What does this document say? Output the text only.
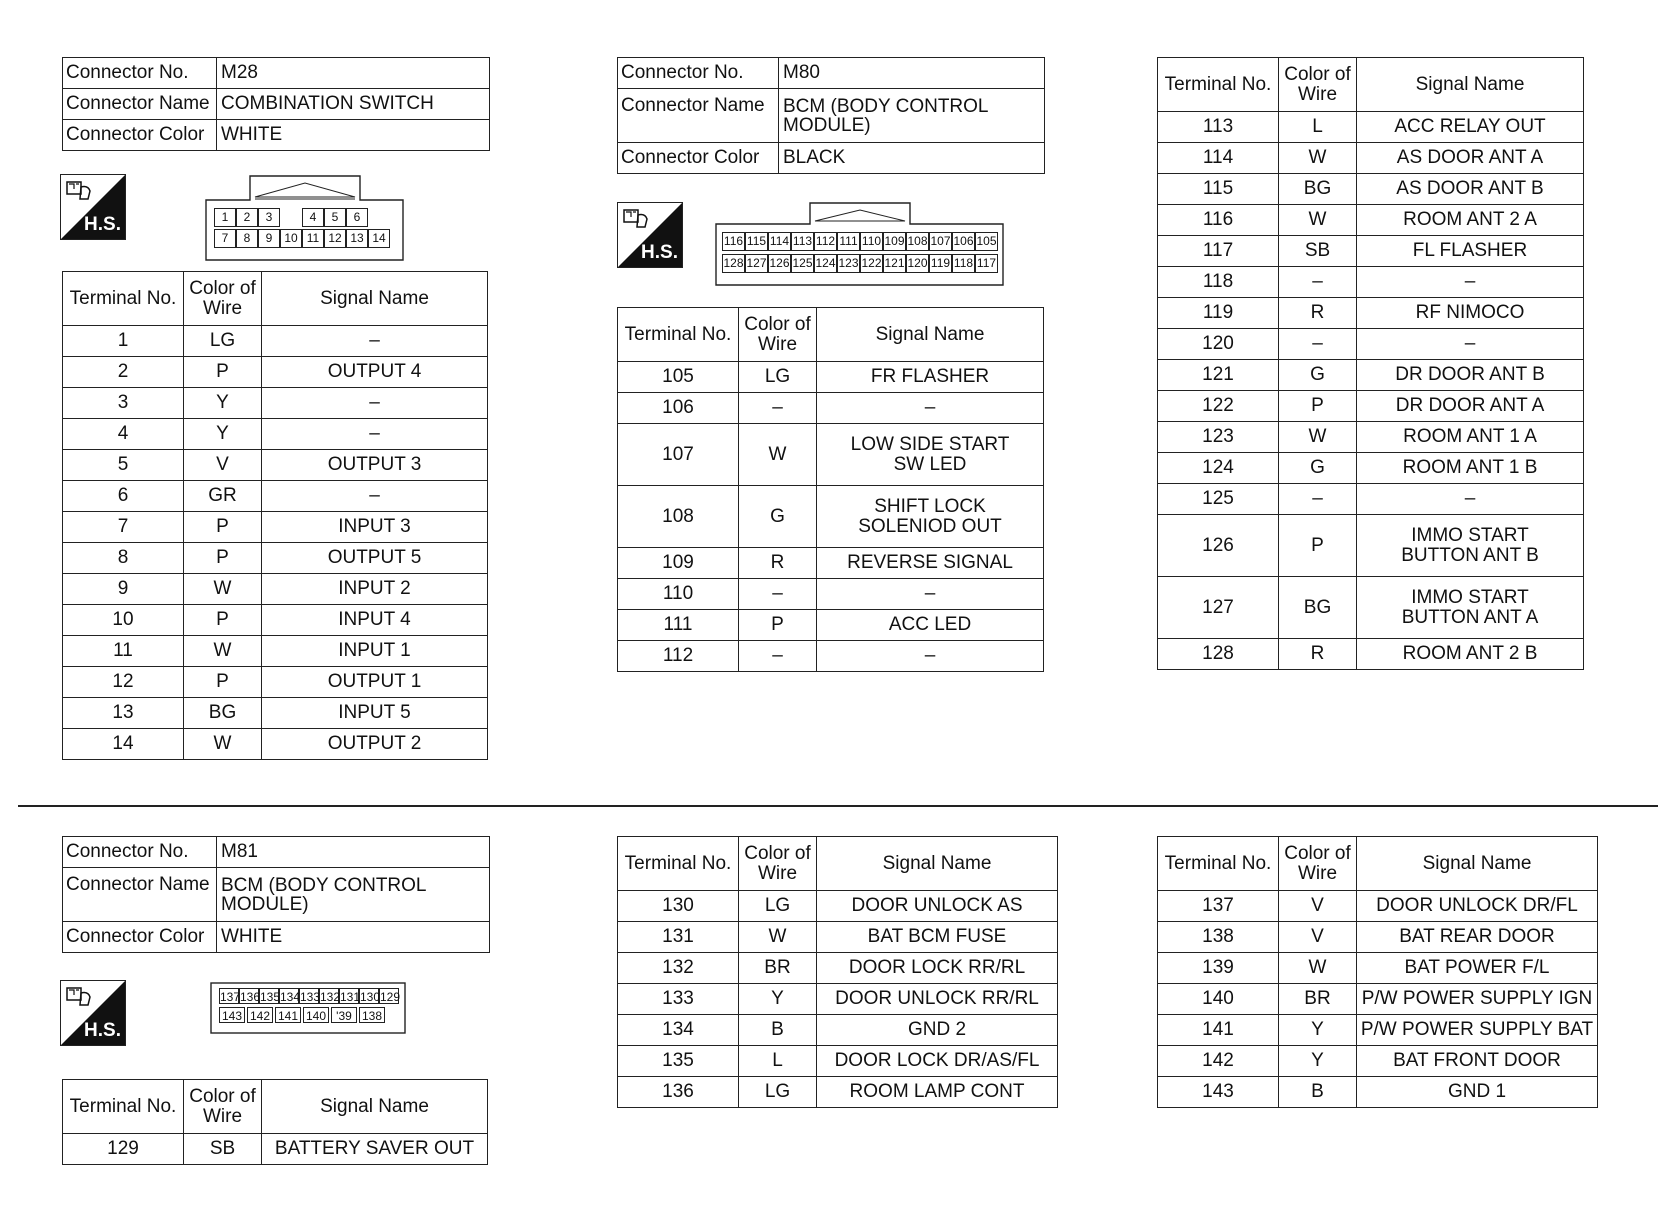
Connector No.	M28
Connector Name	COMBINATION SWITCH
Connector Color	WHITE
H.S.	1	2	3	4	5	6
7	8	9 10 11 12 13 14
Terminal No.	Color of
Wire	Signal Name
1	LG	–
2	P	OUTPUT 4
3	Y	–
4	Y	–
5	V	OUTPUT 3
6	GR	–
7	P	INPUT 3
8	P	OUTPUT 5
9	W	INPUT 2
10	P	INPUT 4
11	W	INPUT 1
12	P	OUTPUT 1
13	BG	INPUT 5
14	W	OUTPUT 2
Connector No.	M80
Connector Name	BCM (BODY CONTROL
MODULE)
Connector Color	BLACK
H.S.
116 115 114 113 112 111 110 109 108 107 106 105
128 127 126 125 124 123 122 121 120 119 118 117
Terminal No.	Color of
Wire	Signal Name
105	LG	FR FLASHER
106	–	–
107	W	LOW SIDE START
SW LED
108	G	SHIFT LOCK
SOLENIOD OUT
109	R	REVERSE SIGNAL
110	–	–
111	P	ACC LED
112	–	–
Terminal No.	Color of
Wire	Signal Name
113	L	ACC RELAY OUT
114	W	AS DOOR ANT A
115	BG	AS DOOR ANT B
116	W	ROOM ANT 2 A
117	SB	FL FLASHER
118	–	–
119	R	RF NIMOCO
120	–	–
121	G	DR DOOR ANT B
122	P	DR DOOR ANT A
123	W	ROOM ANT 1 A
124	G	ROOM ANT 1 B
125	–	–
126	P	IMMO START
BUTTON ANT B
127	BG	IMMO START
BUTTON ANT A
128	R	ROOM ANT 2 B
Connector No.	M81
Connector Name	BCM (BODY CONTROL
MODULE)
Connector Color	WHITE
H.S.
137 136 135 134 133 132 131 130 129
143 142 141 140 '39 138
Terminal No.	Color of
Wire	Signal Name
129	SB	BATTERY SAVER OUT
Terminal No.	Color of
Wire	Signal Name
130	LG	DOOR UNLOCK AS
131	W	BAT BCM FUSE
132	BR	DOOR LOCK RR/RL
133	Y	DOOR UNLOCK RR/RL
134	B	GND 2
135	L	DOOR LOCK DR/AS/FL
136	LG	ROOM LAMP CONT
Terminal No.	Color of
Wire	Signal Name
137	V	DOOR UNLOCK DR/FL
138	V	BAT REAR DOOR
139	W	BAT POWER F/L
140	BR	P/W POWER SUPPLY IGN
141	Y	P/W POWER SUPPLY BAT
142	Y	BAT FRONT DOOR
143	B	GND 1
